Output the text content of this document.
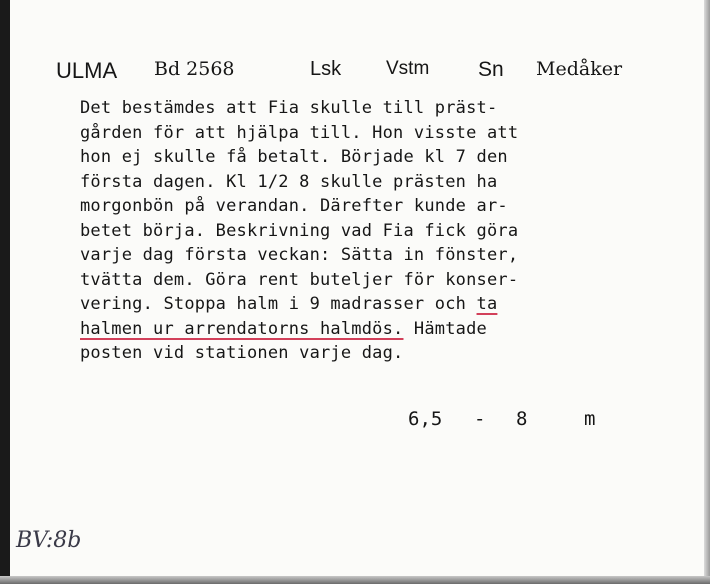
ULMA Bd 2568	Lsk Vstm Sn Medåker
Det bestämdes att Fia skulle till präst-
gården för att hjälpa till. Hon visste att
hon ej skulle få betalt. Började kl 7 den
första dagen. Kl 1/2 8 skulle prästen ha
morgonbön på verandan. Därefter kunde ar-
betet börja. Beskrivning vad Fia fick göra
varje dag första veckan: Sätta in fönster,
tvätta dem. Göra rent buteljer för konser-
vering. Stoppa halm i 9 madrasser och ta
halmen ur arrendatorns halmdös. Hämtade
posten vid stationen varje dag.
6,5 - 8	m
BV:8b
